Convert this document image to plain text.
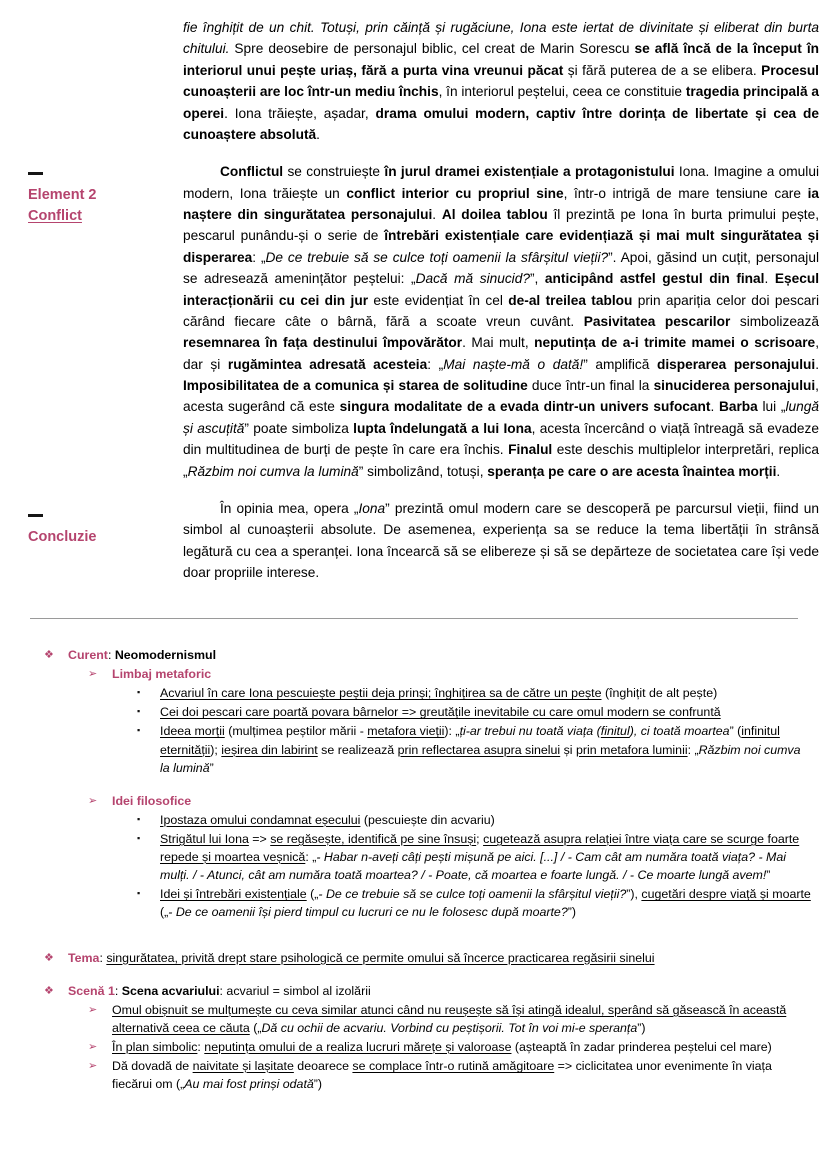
Element 2
Conflict
Concluzie

fie înghițit de un chit. Totuși, prin căință și rugăciune, Iona este iertat de divinitate și eliberat din burta chitului. Spre deosebire de personajul biblic, cel creat de Marin Sorescu se află încă de la început în interiorul unui pește uriaș, fără a purta vina vreunui păcat și fără puterea de a se elibera. Procesul cunoașterii are loc într-un mediu închis, în interiorul peștelui, ceea ce constituie tragedia principală a operei. Iona trăiește, așadar, drama omului modern, captiv între dorința de libertate și cea de cunoaștere absolută.

Conflictul se construiește în jurul dramei existențiale a protagonistului Iona. Imagine a omului modern, Iona trăiește un conflict interior cu propriul sine, într-o intrigă de mare tensiune care ia naștere din singurătatea personajului. Al doilea tablou îl prezintă pe Iona în burta primului pește, pescarul punându-și o serie de întrebări existențiale care evidențiază și mai mult singurătatea și disperarea: „De ce trebuie să se culce toți oamenii la sfârșitul vieții?”. Apoi, găsind un cuțit, personajul se adresează amenințător peștelui: „Dacă mă sinucid?”, anticipând astfel gestul din final. Eșecul interacționării cu cei din jur este evidențiat în cel de-al treilea tablou prin apariția celor doi pescari cărând fiecare câte o bârnă, fără a scoate vreun cuvânt. Pasivitatea pescarilor simbolizează resemnarea în fața destinului împovărător. Mai mult, neputința de a-i trimite mamei o scrisoare, dar și rugămintea adresată acesteia: „Mai naște-mă o dată!” amplifică disperarea personajului. Imposibilitatea de a comunica și starea de solitudine duce într-un final la sinuciderea personajului, acesta sugerând că este singura modalitate de a evada dintr-un univers sufocant. Barba lui „lungă și ascuțită” poate simboliza lupta îndelungată a lui Iona, acesta încercând o viață întreagă să evadeze din multitudinea de burți de pește în care era închis. Finalul este deschis multiplelor interpretări, replica „Răzbim noi cumva la lumină” simbolizând, totuși, speranța pe care o are acesta înaintea morții.

În opinia mea, opera „Iona” prezintă omul modern care se descoperă pe parcursul vieții, fiind un simbol al cunoașterii absolute. De asemenea, experiența sa se reduce la tema libertății în strânsă legătură cu cea a speranței. Iona încearcă să se elibereze și să se depărteze de societatea care își vede doar propriile interese.

❖ Curent: Neomodernismul
➢ Limbaj metaforic
▪ Acvariul în care Iona pescuiește peștii deja prinși; înghițirea sa de către un pește (înghițit de alt pește)
▪ Cei doi pescari care poartă povara bârnelor => greutățile inevitabile cu care omul modern se confruntă
▪ Ideea morții (mulțimea peștilor mării - metafora vieții): „ți-ar trebui nu toată viața (finitul), ci toată moartea” (infinitul eternității); ieșirea din labirint se realizează prin reflectarea asupra sinelui și prin metafora luminii: „Răzbim noi cumva la lumină”
➢ Idei filosofice
▪ Ipostaza omului condamnat eșecului (pescuiește din acvariu)
▪ Strigătul lui Iona => se regăsește, identifică pe sine însuși; cugetează asupra relației între viața care se scurge foarte repede și moartea veșnică: „- Habar n-aveți câți pești mișună pe aici. [...] / - Cam cât am număra toată viața? - Mai mulți. / - Atunci, cât am număra toată moartea? / - Poate, că moartea e foarte lungă. / - Ce moarte lungă avem!”
▪ Idei și întrebări existențiale („- De ce trebuie să se culce toți oamenii la sfârșitul vieții?”), cugetări despre viață și moarte („- De ce oamenii își pierd timpul cu lucruri ce nu le folosesc după moarte?”)
❖ Tema: singurătatea, privită drept stare psihologică ce permite omului să încerce practicarea regăsirii sinelui
❖ Scenă 1: Scena acvariului: acvariul = simbol al izolării
➢ Omul obișnuit se mulțumește cu ceva similar atunci când nu reușește să își atingă idealul, sperând să găsească în această alternativă ceea ce căuta („Dă cu ochii de acvariu. Vorbind cu peștișorii. Tot în voi mi-e speranța”)
➢ În plan simbolic: neputința omului de a realiza lucruri mărețe și valoroase (așteaptă în zadar prinderea peștelui cel mare)
➢ Dă dovadă de naivitate și lașitate deoarece se complace într-o rutină amăgitoare => ciclicitatea unor evenimente în viața fiecărui om („Au mai fost prinși odată”)
